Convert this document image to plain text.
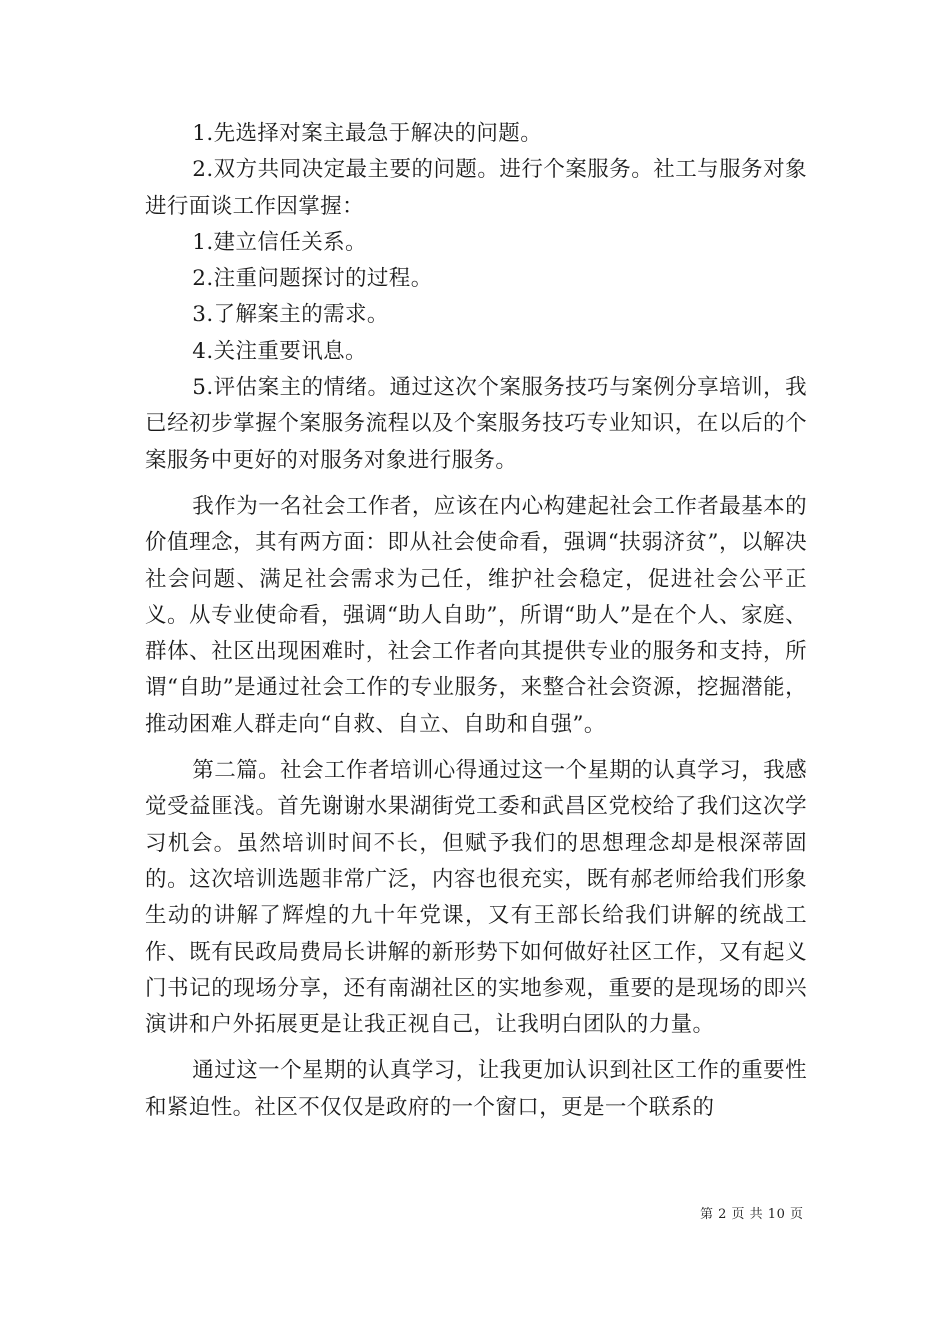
1.先选择对案主最急于解决的问题。

2.双方共同决定最主要的问题。进行个案服务。社工与服务对象进行面谈工作因掌握：

1.建立信任关系。

2.注重问题探讨的过程。

3.了解案主的需求。

4.关注重要讯息。

5.评估案主的情绪。通过这次个案服务技巧与案例分享培训，我已经初步掌握个案服务流程以及个案服务技巧专业知识，在以后的个案服务中更好的对服务对象进行服务。

我作为一名社会工作者，应该在内心构建起社会工作者最基本的价值理念，其有两方面：即从社会使命看，强调“扶弱济贫”，以解决社会问题、满足社会需求为己任，维护社会稳定，促进社会公平正义。从专业使命看，强调“助人自助”，所谓“助人”是在个人、家庭、群体、社区出现困难时，社会工作者向其提供专业的服务和支持，所谓“自助”是通过社会工作的专业服务，来整合社会资源，挖掘潜能，推动困难人群走向“自救、自立、自助和自强”。

第二篇。社会工作者培训心得通过这一个星期的认真学习，我感觉受益匪浅。首先谢谢水果湖街党工委和武昌区党校给了我们这次学习机会。虽然培训时间不长，但赋予我们的思想理念却是根深蒂固的。这次培训选题非常广泛，内容也很充实，既有郝老师给我们形象生动的讲解了辉煌的九十年党课，又有王部长给我们讲解的统战工作、既有民政局费局长讲解的新形势下如何做好社区工作，又有起义门书记的现场分享，还有南湖社区的实地参观，重要的是现场的即兴演讲和户外拓展更是让我正视自己，让我明白团队的力量。

通过这一个星期的认真学习，让我更加认识到社区工作的重要性和紧迫性。社区不仅仅是政府的一个窗口，更是一个联系的

第 2 页 共 10 页
